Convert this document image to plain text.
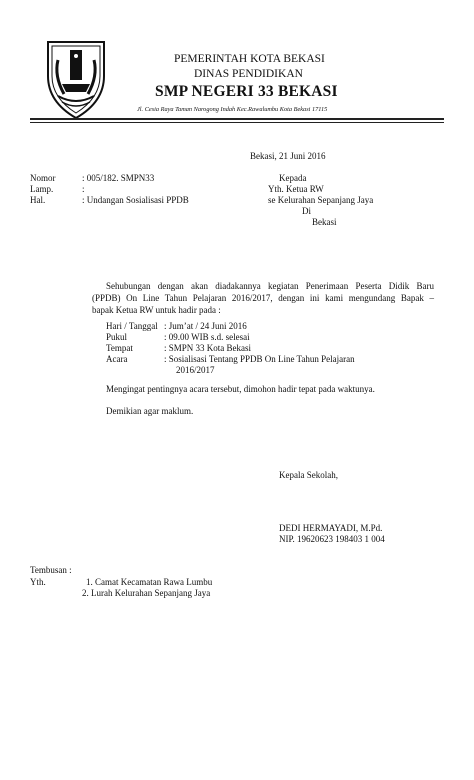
PEMERINTAH KOTA BEKASI
DINAS PENDIDIKAN
SMP NEGERI 33 BEKASI
Jl. Cesia Raya Taman Narogong Indah Kec.Rawalumbu Kota Bekasi 17115
Bekasi, 21 Juni 2016
Nomor	: 005/182. SMPN33
Lamp.	:
Hal.	: Undangan Sosialisasi PPDB
Kepada
Yth. Ketua RW
se Kelurahan Sepanjang Jaya
Di
Bekasi
Sehubungan dengan akan diadakannya kegiatan Penerimaan Peserta Didik Baru
(PPDB) On Line Tahun Pelajaran 2016/2017, dengan ini kami mengundang Bapak –
bapak Ketua RW untuk hadir pada :
Hari / Tanggal : Jum’at / 24 Juni 2016
Pukul	: 09.00 WIB s.d. selesai
Tempat	: SMPN 33 Kota Bekasi
Acara	: Sosialisasi Tentang PPDB On Line Tahun Pelajaran
2016/2017
Mengingat pentingnya acara tersebut, dimohon hadir tepat pada waktunya.
Demikian agar maklum.
Kepala Sekolah,
DEDI HERMAYADI, M.Pd.
NIP. 19620623 198403 1 004
Tembusan :
Yth.	1. Camat Kecamatan Rawa Lumbu
2. Lurah Kelurahan Sepanjang Jaya
